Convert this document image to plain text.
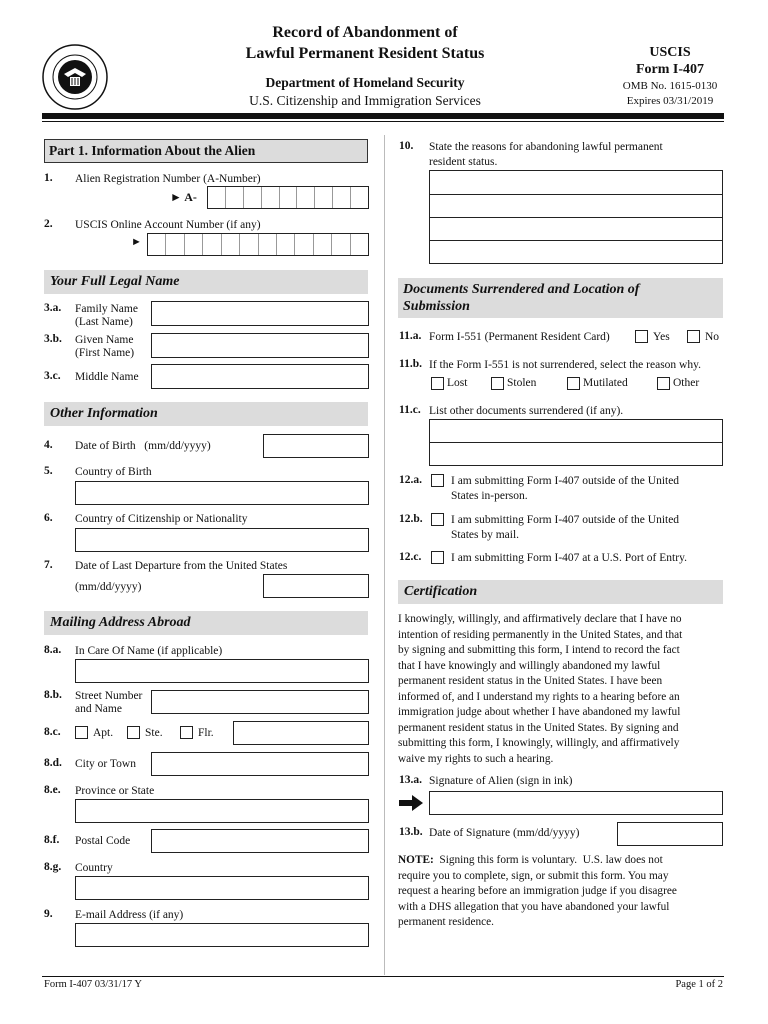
Record of Abandonment of
Lawful Permanent Resident Status
Department of Homeland Security
U.S. Citizenship and Immigration Services
USCIS
Form I-407
OMB No. 1615-0130
Expires 03/31/2019
Part 1. Information About the Alien
1. Alien Registration Number (A-Number)
► A-
2. USCIS Online Account Number (if any)
►
Your Full Legal Name
3.a. Family Name
(Last Name)
3.b. Given Name
(First Name)
3.c. Middle Name
Other Information
4. Date of Birth   (mm/dd/yyyy)
5. Country of Birth
6. Country of Citizenship or Nationality
7. Date of Last Departure from the United States
(mm/dd/yyyy)
Mailing Address Abroad
8.a. In Care Of Name (if applicable)
8.b. Street Number
and Name
8.c.	Apt.	Ste.	Flr.
8.d. City or Town
8.e. Province or State
8.f. Postal Code
8.g. Country
9. E-mail Address (if any)
10. State the reasons for abandoning lawful permanent
resident status.
Documents Surrendered and Location of
Submission
11.a. Form I-551 (Permanent Resident Card)	Yes	No
11.b. If the Form I-551 is not surrendered, select the reason why.
Lost	Stolen	Mutilated	Other
11.c. List other documents surrendered (if any).
12.a.	I am submitting Form I-407 outside of the United
States in-person.
12.b. I am submitting Form I-407 outside of the United
States by mail.
12.c.	I am submitting Form I-407 at a U.S. Port of Entry.
Certification
I knowingly, willingly, and affirmatively declare that I have no
intention of residing permanently in the United States, and that
by signing and submitting this form, I intend to record the fact
that I have knowingly and willingly abandoned my lawful
permanent resident status in the United States. I have been
informed of, and I understand my rights to a hearing before an
immigration judge about whether I have abandoned my lawful
permanent resident status in the United States. By signing and
submitting this form, I knowingly, willingly, and affirmatively
waive my rights to such a hearing.
13.a. Signature of Alien (sign in ink)
13.b. Date of Signature (mm/dd/yyyy)
NOTE:  Signing this form is voluntary.  U.S. law does not
require you to complete, sign, or submit this form. You may
request a hearing before an immigration judge if you disagree
with a DHS allegation that you have abandoned your lawful
permanent residence.
Form I-407 03/31/17 Y	Page 1 of 2
